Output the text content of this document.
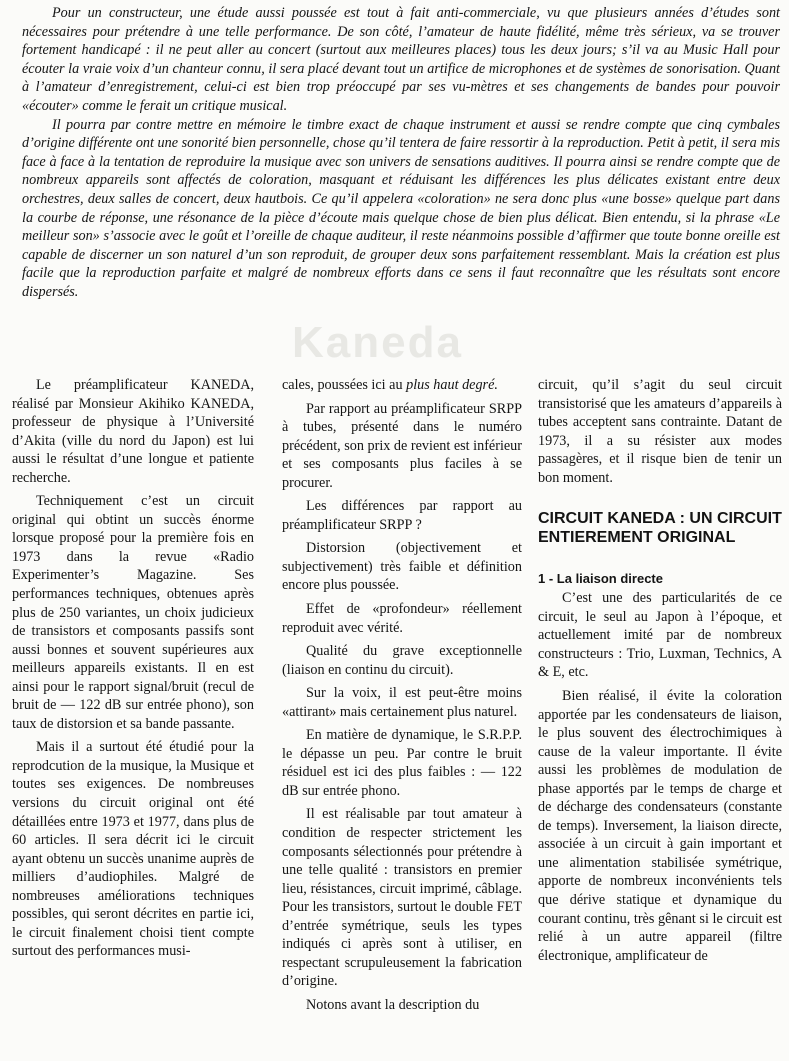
Pour un constructeur, une étude aussi poussée est tout à fait anti-commerciale, vu que plusieurs années d’études sont nécessaires pour prétendre à une telle performance. De son côté, l’amateur de haute fidélité, même très sérieux, va se trouver fortement handicapé : il ne peut aller au concert (surtout aux meilleures places) tous les deux jours; s’il va au Music Hall pour écouter la vraie voix d’un chanteur connu, il sera placé devant tout un artifice de microphones et de systèmes de sonorisation. Quant à l’amateur d’enregistrement, celui-ci est bien trop préoccupé par ses vu-mètres et ses changements de bandes pour pouvoir «écouter» comme le ferait un critique musical.

Il pourra par contre mettre en mémoire le timbre exact de chaque instrument et aussi se rendre compte que cinq cymbales d’origine différente ont une sonorité bien personnelle, chose qu’il tentera de faire ressortir à la reproduction. Petit à petit, il sera mis face à face à la tentation de reproduire la musique avec son univers de sensations auditives. Il pourra ainsi se rendre compte que de nombreux appareils sont affectés de coloration, masquant et réduisant les différences les plus délicates existant entre deux orchestres, deux salles de concert, deux hautbois. Ce qu’il appelera «coloration» ne sera donc plus «une bosse» quelque part dans la courbe de réponse, une résonance de la pièce d’écoute mais quelque chose de bien plus délicat. Bien entendu, si la phrase «Le meilleur son» s’associe avec le goût et l’oreille de chaque auditeur, il reste néanmoins possible d’affirmer que toute bonne oreille est capable de discerner un son naturel d’un son reproduit, de grouper deux sons parfaitement ressemblant. Mais la création est plus facile que la reproduction parfaite et malgré de nombreux efforts dans ce sens il faut reconnaître que les résultats sont encore dispersés.

Kaneda

Le préamplificateur KANEDA, réalisé par Monsieur Akihiko KANEDA, professeur de physique à l’Université d’Akita (ville du nord du Japon) est lui aussi le résultat d’une longue et patiente recherche.

Techniquement c’est un circuit original qui obtint un succès énorme lorsque proposé pour la première fois en 1973 dans la revue «Radio Experimenter’s Magazine. Ses performances techniques, obtenues après plus de 250 variantes, un choix judicieux de transistors et composants passifs sont aussi bonnes et souvent supérieures aux meilleurs appareils existants. Il en est ainsi pour le rapport signal/bruit (recul de bruit de — 122 dB sur entrée phono), son taux de distorsion et sa bande passante.

Mais il a surtout été étudié pour la reprodcution de la musique, la Musique et toutes ses exigences. De nombreuses versions du circuit original ont été détaillées entre 1973 et 1977, dans plus de 60 articles. Il sera décrit ici le circuit ayant obtenu un succès unanime auprès de milliers d’audiophiles. Malgré de nombreuses améliorations techniques possibles, qui seront décrites en partie ici, le circuit finalement choisi tient compte surtout des performances musi-

cales, poussées ici au plus haut degré.

Par rapport au préamplificateur SRPP à tubes, présenté dans le numéro précédent, son prix de revient est inférieur et ses composants plus faciles à se procurer.

Les différences par rapport au préamplificateur SRPP ?

Distorsion (objectivement et subjectivement) très faible et définition encore plus poussée.

Effet de «profondeur» réellement reproduit avec vérité.

Qualité du grave exceptionnelle (liaison en continu du circuit).

Sur la voix, il est peut-être moins «attirant» mais certainement plus naturel.

En matière de dynamique, le S.R.P.P. le dépasse un peu. Par contre le bruit résiduel est ici des plus faibles : — 122 dB sur entrée phono.

Il est réalisable par tout amateur à condition de respecter strictement les composants sélectionnés pour prétendre à une telle qualité : transistors en premier lieu, résistances, circuit imprimé, câblage. Pour les transistors, surtout le double FET d’entrée symétrique, seuls les types indiqués ci après sont à utiliser, en respectant scrupuleusement la fabrication d’origine.

Notons avant la description du

circuit, qu’il s’agit du seul circuit transistorisé que les amateurs d’appareils à tubes acceptent sans contrainte. Datant de 1973, il a su résister aux modes passagères, et il risque bien de tenir un bon moment.

CIRCUIT KANEDA : UN CIRCUIT ENTIEREMENT ORIGINAL
1 - La liaison directe

C’est une des particularités de ce circuit, le seul au Japon à l’époque, et actuellement imité par de nombreux constructeurs : Trio, Luxman, Technics, A & E, etc.

Bien réalisé, il évite la coloration apportée par les condensateurs de liaison, le plus souvent des électrochimiques à cause de la valeur importante. Il évite aussi les problèmes de modulation de phase apportés par le temps de charge et de décharge des condensateurs (constante de temps). Inversement, la liaison directe, associée à un circuit à gain important et une alimentation stabilisée symétrique, apporte de nombreux inconvénients tels que dérive statique et dynamique du courant continu, très gênant si le circuit est relié à un autre appareil (filtre électronique, amplificateur de
